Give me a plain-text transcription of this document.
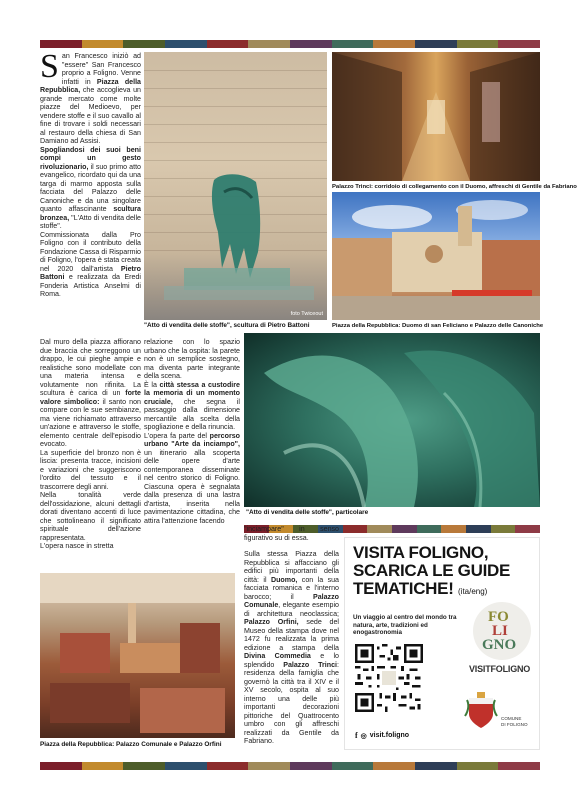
S an Francesco iniziò ad "essere" San Francesco proprio a Foligno. Venne infatti in Piazza della Repubblica, che accoglieva un grande mercato come molte piazze del Medioevo, per vendere stoffe e il suo cavallo al fine di trovare i soldi necessari al restauro della chiesa di San Damiano ad Assisi.

Spogliandosi dei suoi beni compì un gesto rivoluzionario, il suo primo atto evangelico, ricordato qui da una targa di marmo apposta sulla facciata del Palazzo delle Canoniche e da una singolare quanto affascinante scultura bronzea, "L'Atto di vendita delle stoffe".

Commissionata dalla Pro Foligno con il contributo della Fondazione Cassa di Risparmio di Foligno, l'opera è stata creata nel 2020 dall'artista Pietro Battoni e realizzata da Eredi Fonderia Artistica Anselmi di Roma.

foto Twiceout
"Atto di vendita delle stoffe", scultura di Pietro Battoni
Palazzo Trinci: corridoio di collegamento con il Duomo, affreschi di Gentile da Fabriano
Piazza della Repubblica: Duomo di san Feliciano e Palazzo delle Canoniche

Dal muro della piazza affiorano due braccia che sorreggono un drappo, le cui pieghe ampie e realistiche sono modellate con una materia intensa e volutamente non rifinita. La scultura è carica di un forte valore simbolico: il santo non compare con le sue sembianze, ma viene richiamato attraverso un'azione e attraverso le stoffe, elemento centrale dell'episodio evocato.

La superficie del bronzo non è liscia: presenta tracce, incisioni e variazioni che suggeriscono l'ordito del tessuto e il trascorrere degli anni.

Nella tonalità verde dell'ossidazione, alcuni dettagli dorati diventano accenti di luce che sottolineano il significato spirituale dell'azione rappresentata.

L'opera nasce in stretta

relazione con lo spazio urbano che la ospita: la parete non è un semplice sostegno, ma diventa parte integrante della scena.

È la città stessa a custodire la memoria di un momento cruciale, che segna il passaggio dalla dimensione mercantile alla scelta della spogliazione e della rinuncia.

L'opera fa parte del percorso urbano "Arte da inciampo", un itinerario alla scoperta delle opere d'arte contemporanea disseminate nel centro storico di Foligno. Ciascuna opera è segnalata dalla presenza di una lastra d'artista, inserita nella pavimentazione cittadina, che attira l'attenzione facendo

"Atto di vendita delle stoffe", particolare
Piazza della Repubblica: Palazzo Comunale e Palazzo Orfini

"inciampare" in senso figurativo su di essa.

Sulla stessa Piazza della Repubblica si affacciano gli edifici più importanti della città: il Duomo, con la sua facciata romanica e l'interno barocco; il Palazzo Comunale, elegante esempio di architettura neoclassica; Palazzo Orfini, sede del Museo della stampa dove nel 1472 fu realizzata la prima edizione a stampa della Divina Commedia e lo splendido Palazzo Trinci: residenza della famiglia che governò la città tra il XIV e il XV secolo, ospita al suo interno una delle più importanti decorazioni pittoriche del Quattrocento umbro con gli affreschi realizzati da Gentile da Fabriano.

VISITA FOLIGNO,
SCARICA LE GUIDE
TEMATICHE! (ita/eng)
Un viaggio al centro del mondo tra natura, arte, tradizioni ed enogastronomia
FO
LI
GNO
VISITFOLIGNO
COMUNE
DI FOLIGNO
f ◎ visit.foligno
